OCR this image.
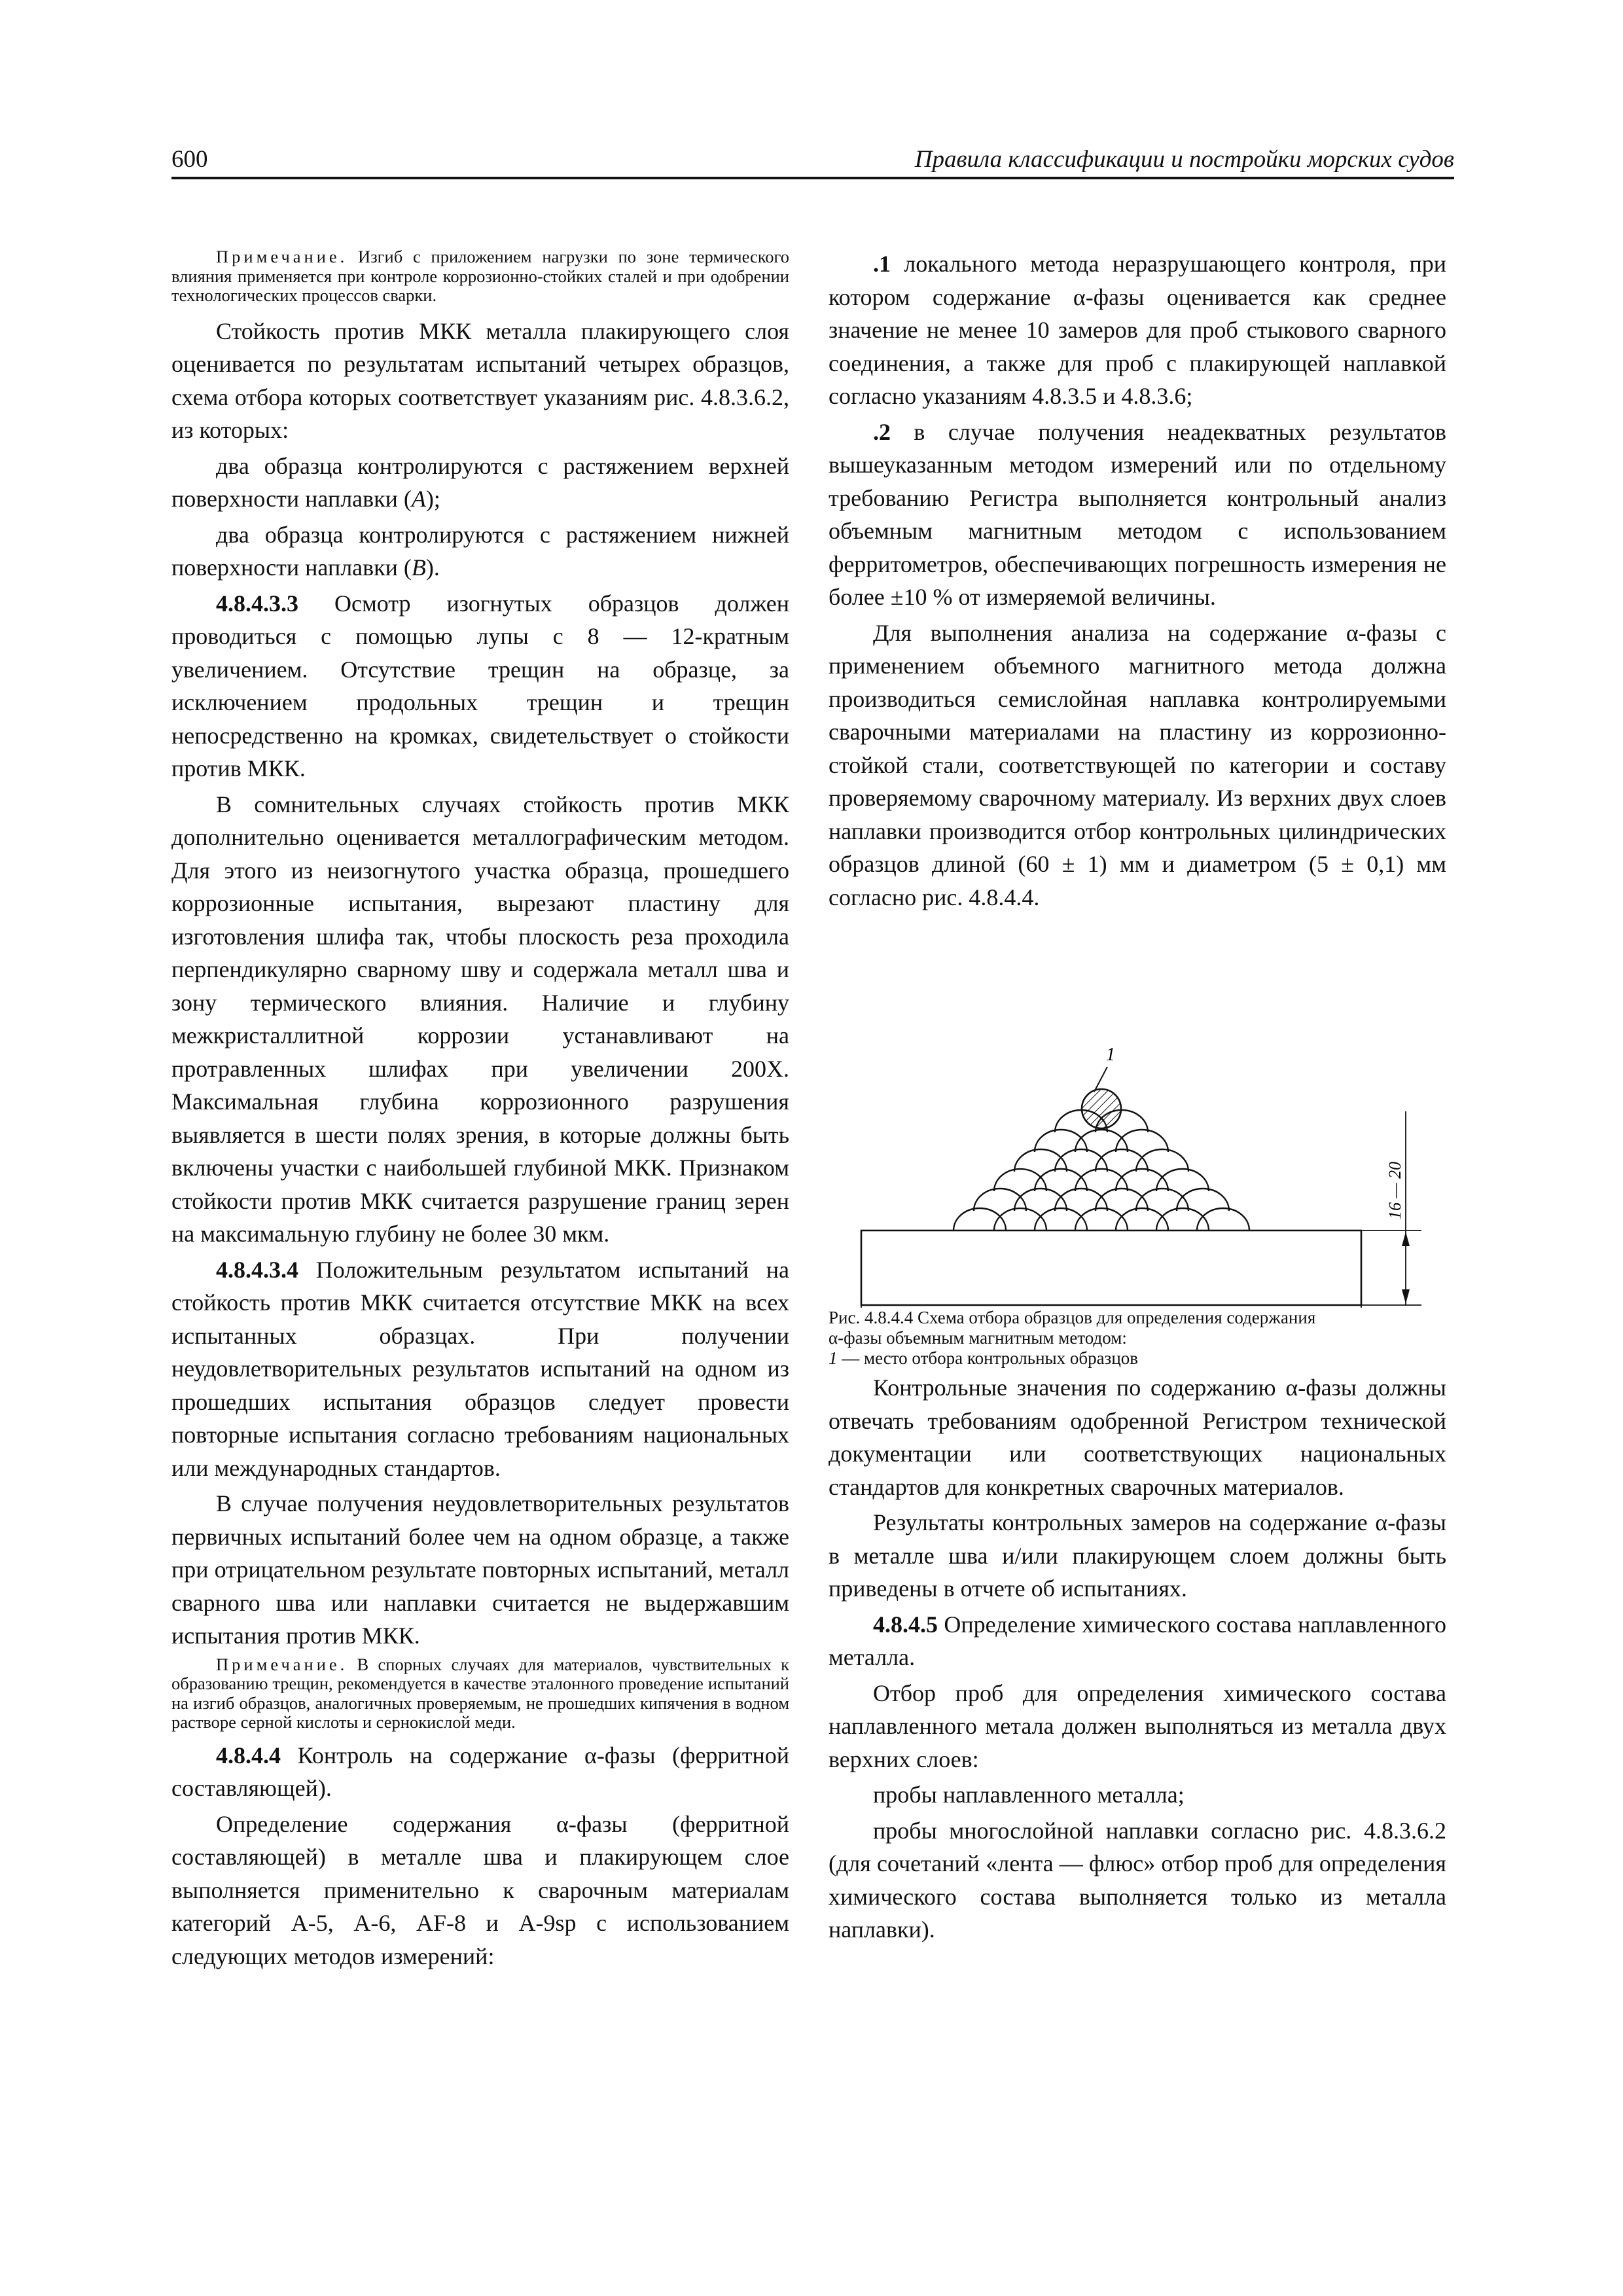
600	Правила классификации и постройки морских судов

Примечание. Изгиб с приложением нагрузки по зоне термического влияния применяется при контроле коррозионно-стойких сталей и при одобрении технологических процессов сварки.

Стойкость против МКК металла плакирующего слоя оценивается по результатам испытаний четырех образцов, схема отбора которых соответствует указаниям рис. 4.8.3.6.2, из которых:

два образца контролируются с растяжением верхней поверхности наплавки (A);

два образца контролируются с растяжением нижней поверхности наплавки (B).

4.8.4.3.3 Осмотр изогнутых образцов должен проводиться с помощью лупы с 8 — 12-кратным увеличением. Отсутствие трещин на образце, за исключением продольных трещин и трещин непосредственно на кромках, свидетельствует о стойкости против МКК.

В сомнительных случаях стойкость против МКК дополнительно оценивается металлографическим методом. Для этого из неизогнутого участка образца, прошедшего коррозионные испытания, вырезают пластину для изготовления шлифа так, чтобы плоскость реза проходила перпендикулярно сварному шву и содержала металл шва и зону термического влияния. Наличие и глубину межкристаллитной коррозии устанавливают на протравленных шлифах при увеличении 200Х. Максимальная глубина коррозионного разрушения выявляется в шести полях зрения, в которые должны быть включены участки с наибольшей глубиной МКК. Признаком стойкости против МКК считается разрушение границ зерен на максимальную глубину не более 30 мкм.

4.8.4.3.4 Положительным результатом испытаний на стойкость против МКК считается отсутствие МКК на всех испытанных образцах. При получении неудовлетворительных результатов испытаний на одном из прошедших испытания образцов следует провести повторные испытания согласно требованиям национальных или международных стандартов.

В случае получения неудовлетворительных результатов первичных испытаний более чем на одном образце, а также при отрицательном результате повторных испытаний, металл сварного шва или наплавки считается не выдержавшим испытания против МКК.

Примечание. В спорных случаях для материалов, чувствительных к образованию трещин, рекомендуется в качестве эталонного проведение испытаний на изгиб образцов, аналогичных проверяемым, не прошедших кипячения в водном растворе серной кислоты и сернокислой меди.

4.8.4.4 Контроль на содержание α-фазы (ферритной составляющей).

Определение содержания α-фазы (ферритной составляющей) в металле шва и плакирующем слое выполняется применительно к сварочным материалам категорий А-5, А-6, AF-8 и А-9sp с использованием следующих методов измерений:

.1 локального метода неразрушающего контроля, при котором содержание α-фазы оценивается как среднее значение не менее 10 замеров для проб стыкового сварного соединения, а также для проб с плакирующей наплавкой согласно указаниям 4.8.3.5 и 4.8.3.6;

.2 в случае получения неадекватных результатов вышеуказанным методом измерений или по отдельному требованию Регистра выполняется контрольный анализ объемным магнитным методом с использованием ферритометров, обеспечивающих погрешность измерения не более ±10 % от измеряемой величины.

Для выполнения анализа на содержание α-фазы с применением объемного магнитного метода должна производиться семислойная наплавка контролируемыми сварочными материалами на пластину из коррозионно-стойкой стали, соответствующей по категории и составу проверяемому сварочному материалу. Из верхних двух слоев наплавки производится отбор контрольных цилиндрических образцов длиной (60 ± 1) мм и диаметром (5 ± 0,1) мм согласно рис. 4.8.4.4.

1
16 — 20

Рис. 4.8.4.4 Схема отбора образцов для определения содержания
α-фазы объемным магнитным методом:
1 — место отбора контрольных образцов

Контрольные значения по содержанию α-фазы должны отвечать требованиям одобренной Регистром технической документации или соответствующих национальных стандартов для конкретных сварочных материалов.

Результаты контрольных замеров на содержание α-фазы в металле шва и/или плакирующем слоем должны быть приведены в отчете об испытаниях.

4.8.4.5 Определение химического состава наплавленного металла.

Отбор проб для определения химического состава наплавленного метала должен выполняться из металла двух верхних слоев:

пробы наплавленного металла;

пробы многослойной наплавки согласно рис. 4.8.3.6.2 (для сочетаний «лента — флюс» отбор проб для определения химического состава выполняется только из металла наплавки).
